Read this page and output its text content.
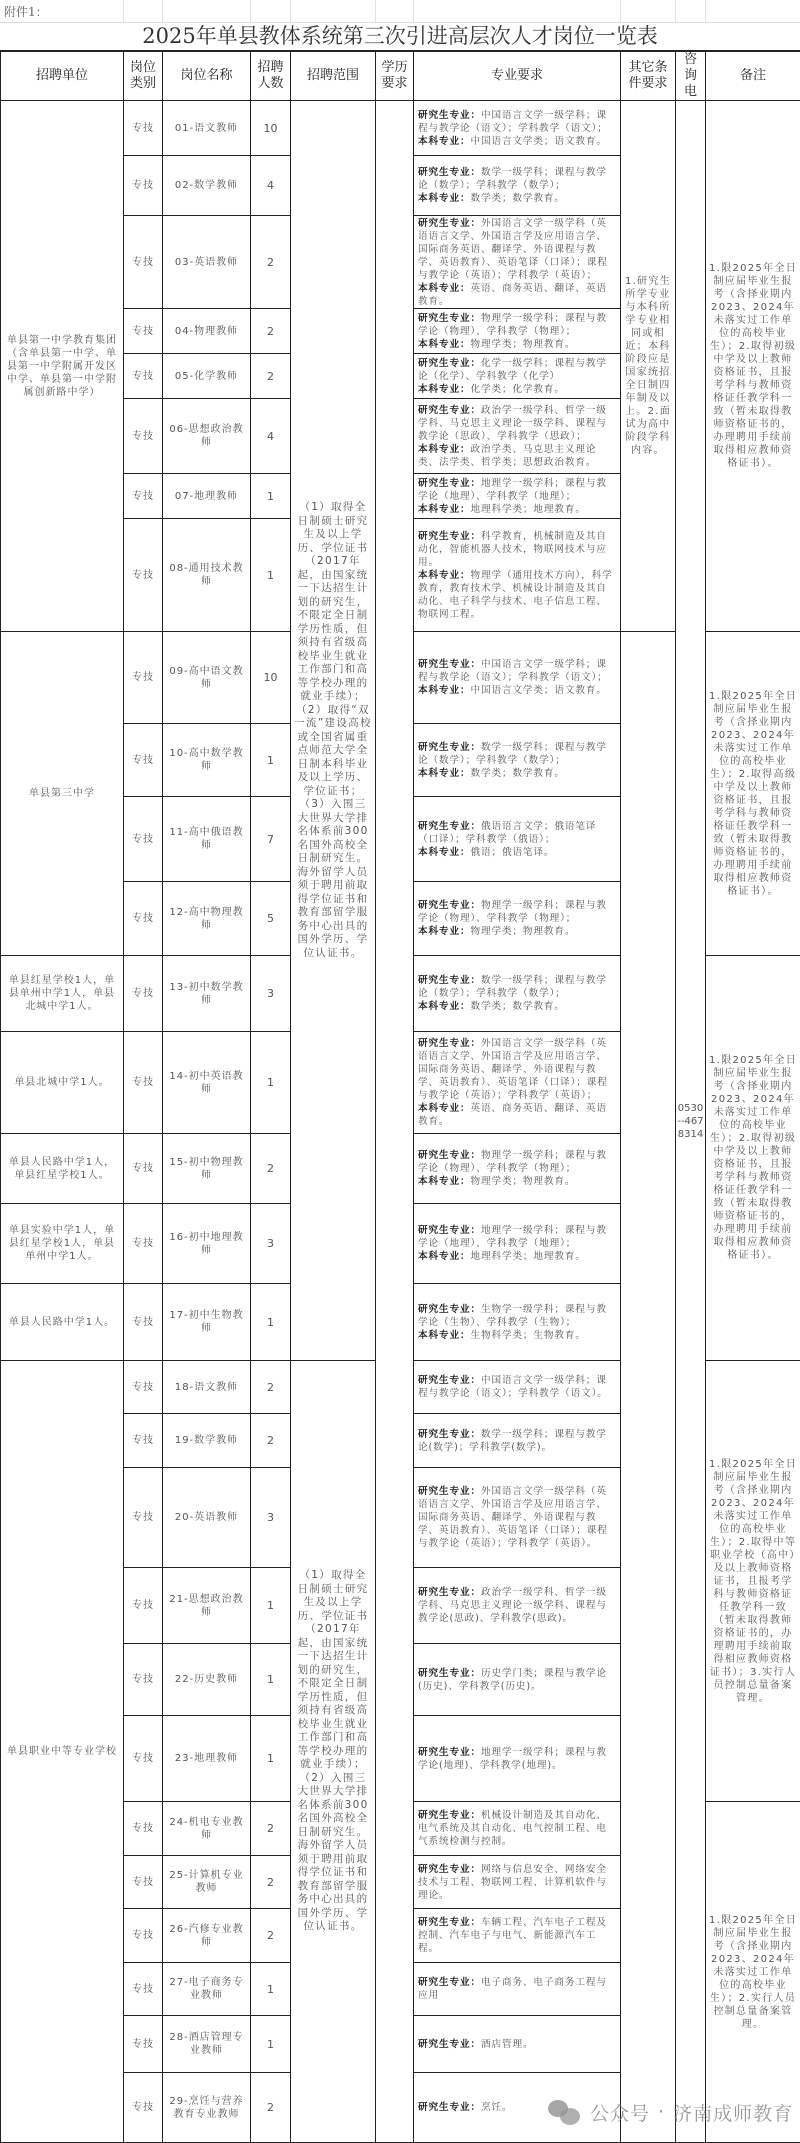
附件1：
2025年单县教体系统第三次引进高层次人才岗位一览表
招聘单位	岗位类别	岗位名称	招聘人数	招聘范围	学历要求	专业要求	其它条件要求	咨询电	备注
单县第一中学教育集团（含单县第一中学、单县第一中学附属开发区中学、单县第一中学附属创新路中学）	专技	01-语文教师	10	（1）取得全日制硕士研究生及以上学历、学位证书（2017年起，由国家统一下达招生计划的研究生，不限定全日制学历性质，但须持有省级高校毕业生就业工作部门和高等学校办理的就业手续）；（2）取得“双一流”建设高校或全国省属重点师范大学全日制本科毕业及以上学历、学位证书；（3）入围三大世界大学排名体系前300名国外高校全日制研究生。海外留学人员须于聘用前取得学位证书和教育部留学服务中心出具的国外学历、学位认证书。		研究生专业：中国语言文学一级学科；课程与教学论（语文）；学科教学（语文）；
本科专业：中国语言文学类；语文教育。	1.研究生所学专业与本科所学专业相同或相近；本科阶段应是国家统招全日制四年制及以上。2.面试为高中阶段学科内容。	0530--4678314	1.限2025年全日制应届毕业生报考（含择业期内2023、2024年未落实过工作单位的高校毕业生）；2.取得初级中学及以上教师资格证书，且报考学科与教师资格证任教学科一致（暂未取得教师资格证书的，办理聘用手续前取得相应教师资格证书）。
	专技	02-数学教师	4			研究生专业：数学一级学科；课程与教学论（数学）；学科教学（数学）；
本科专业：数学类；数学教育。			
	专技	03-英语教师	2			研究生专业：外国语言文学一级学科（英语语言文学、外国语言学及应用语言学、国际商务英语、翻译学、外语课程与教学、英语教育）、英语笔译（口译）；课程与教学论（英语）；学科教学（英语）；
本科专业：英语、商务英语、翻译、英语教育。			
	专技	04-物理教师	2			研究生专业：物理学一级学科；课程与教学论（物理）、学科教学（物理）；
本科专业：物理学类；物理教育。			
	专技	05-化学教师	2			研究生专业：化学一级学科；课程与教学论（化学）、学科教学（化学）
本科专业：化学类；化学教育。			
	专技	06-思想政治教师	4			研究生专业：政治学一级学科、哲学一级学科、马克思主义理论一级学科、课程与教学论（思政）、学科教学（思政）；
本科专业：政治学类、马克思主义理论类、法学类、哲学类；思想政治教育。			
	专技	07-地理教师	1			研究生专业：地理学一级学科；课程与教学论（地理）、学科教学（地理）；
本科专业：地理科学类；地理教育。			
	专技	08-通用技术教师	1			研究生专业：科学教育，机械制造及其自动化，智能机器人技术，物联网技术与应用。
本科专业：物理学（通用技术方向），科学教育，教育技术学、机械设计制造及其自动化、电子科学与技术、电子信息工程、物联网工程。			
单县第三中学	专技	09-高中语文教师	10			研究生专业：中国语言文学一级学科；课程与教学论（语文）；学科教学（语文）；
本科专业：中国语言文学类；语文教育。			1.限2025年全日制应届毕业生报考（含择业期内2023、2024年未落实过工作单位的高校毕业生）；2.取得高级中学及以上教师资格证书，且报考学科与教师资格证任教学科一致（暂未取得教师资格证书的，办理聘用手续前取得相应教师资格证书）。
	专技	10-高中数学教师	1			研究生专业：数学一级学科；课程与教学论（数学）；学科教学（数学）；
本科专业：数学类；数学教育。			
	专技	11-高中俄语教师	7			研究生专业：俄语语言文学；俄语笔译（口译）；学科教学（俄语）；
本科专业：俄语；俄语笔译。			
	专技	12-高中物理教师	5			研究生专业：物理学一级学科；课程与教学论（物理）、学科教学（物理）；
本科专业：物理学类；物理教育。			
单县红星学校1人，单县单州中学1人，单县北城中学1人。	专技	13-初中数学教师	3			研究生专业：数学一级学科；课程与教学论（数学）；学科教学（数学）；
本科专业：数学类；数学教育。			1.限2025年全日制应届毕业生报考（含择业期内2023、2024年未落实过工作单位的高校毕业生）；2.取得初级中学及以上教师资格证书，且报考学科与教师资格证任教学科一致（暂未取得教师资格证书的，办理聘用手续前取得相应教师资格证书）。
单县北城中学1人。	专技	14-初中英语教师	1			研究生专业：外国语言文学一级学科（英语语言文学、外国语言学及应用语言学、国际商务英语、翻译学、外语课程与教学、英语教育）、英语笔译（口译）；课程与教学论（英语）；学科教学（英语）；
本科专业：英语、商务英语、翻译、英语教育。			
单县人民路中学1人，单县红星学校1人。	专技	15-初中物理教师	2			研究生专业：物理学一级学科；课程与教学论（物理）、学科教学（物理）；
本科专业：物理学类；物理教育。			
单县实验中学1人，单县红星学校1人，单县单州中学1人。	专技	16-初中地理教师	3			研究生专业：地理学一级学科；课程与教学论（地理）、学科教学（地理）；
本科专业：地理科学类；地理教育。			
单县人民路中学1人。	专技	17-初中生物教师	1			研究生专业：生物学一级学科；课程与教学论（生物）、学科教学（生物）；
本科专业：生物科学类；生物教育。			
单县职业中等专业学校	专技	18-语文教师	2	（1）取得全日制硕士研究生及以上学历、学位证书（2017年起，由国家统一下达招生计划的研究生，不限定全日制学历性质，但须持有省级高校毕业生就业工作部门和高等学校办理的就业手续）；（2）入围三大世界大学排名体系前300名国外高校全日制研究生。海外留学人员须于聘用前取得学位证书和教育部留学服务中心出具的国外学历、学位认证书。		研究生专业：中国语言文学一级学科；课程与教学论（语文）；学科教学（语文）。			1.限2025年全日制应届毕业生报考（含择业期内2023、2024年未落实过工作单位的高校毕业生）；2.取得中等职业学校（高中）及以上教师资格证书，且报考学科与教师资格证任教学科一致（暂未取得教师资格证书的，办理聘用手续前取得相应教师资格证书）；3.实行人员控制总量备案管理。
	专技	19-数学教师	2			研究生专业：数学一级学科；课程与教学论(数学)；学科教学(数学)。			
	专技	20-英语教师	3			研究生专业：外国语言文学一级学科（英语语言文学、外国语言学及应用语言学、国际商务英语、翻译学、外语课程与教学、英语教育）、英语笔译（口译）；课程与教学论（英语）；学科教学（英语）。			
	专技	21-思想政治教师	1			研究生专业：政治学一级学科、哲学一级学科、马克思主义理论一级学科、课程与教学论(思政)、学科教学(思政)。			
	专技	22-历史教师	1			研究生专业：历史学门类；课程与教学论(历史)、学科教学(历史)。			
	专技	23-地理教师	1			研究生专业：地理学一级学科；课程与教学论(地理)、学科教学(地理)。			
	专技	24-机电专业教师	2			研究生专业：机械设计制造及其自动化、电气系统及其自动化、电气控制工程、电气系统检测与控制。			1.限2025年全日制应届毕业生报考（含择业期内2023、2024年未落实过工作单位的高校毕业生）；2.实行人员控制总量备案管理。
	专技	25-计算机专业教师	2			研究生专业：网络与信息安全、网络安全技术与工程、物联网工程、计算机软件与理论。			
	专技	26-汽修专业教师	2			研究生专业：车辆工程、汽车电子工程及控制、汽车电子与电气、新能源汽车工程。			
	专技	27-电子商务专业教师	1			研究生专业：电子商务、电子商务工程与应用			
	专技	28-酒店管理专业教师	1			研究生专业：酒店管理。			
	专技	29-烹饪与营养教育专业教师	2			研究生专业：烹饪。				公众号 · 济南成师教育
